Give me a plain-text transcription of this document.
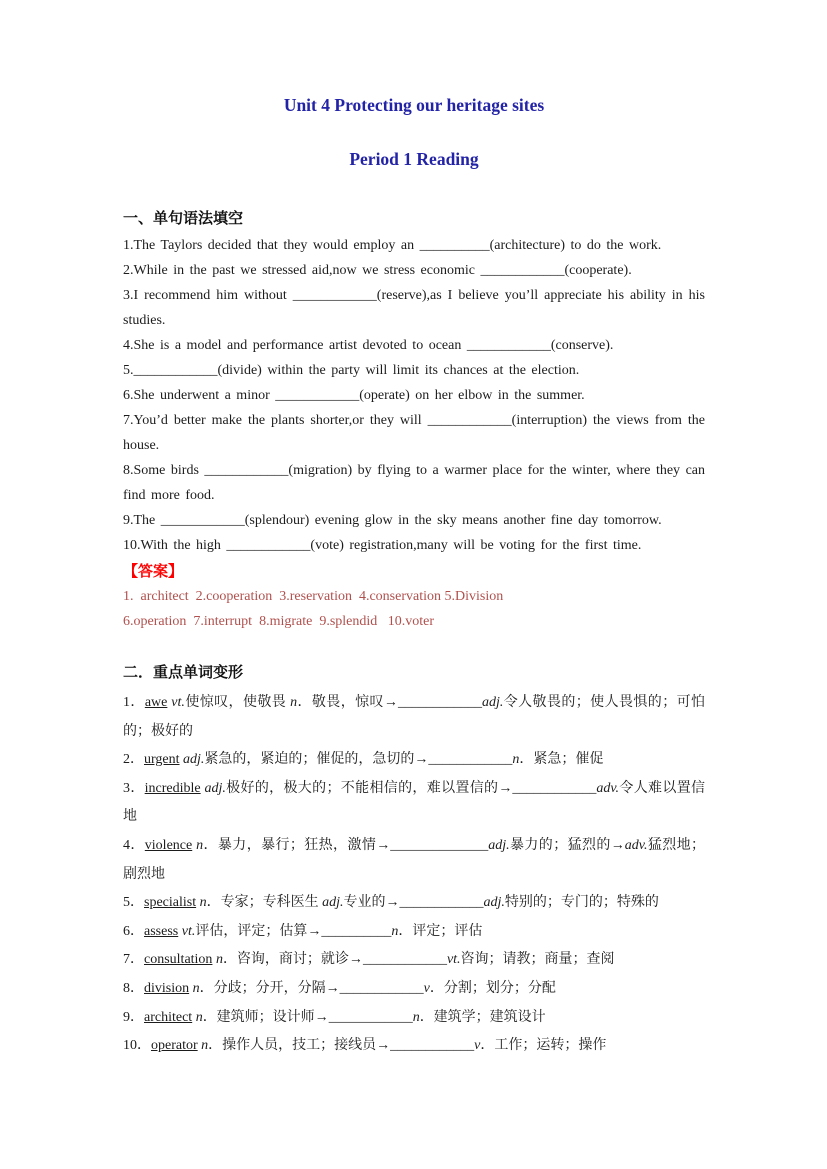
Unit 4 Protecting our heritage sites
Period 1 Reading
一、单句语法填空

1.The Taylors decided that they would employ an __________(architecture) to do the work.

2.While in the past we stressed aid,now we stress economic ____________(cooperate).

3.I recommend him without ____________(reserve),as I believe you’ll appreciate his ability in his studies.

4.She is a model and performance artist devoted to ocean ____________(conserve).

5.____________(divide) within the party will limit its chances at the election.

6.She underwent a minor ____________(operate) on her elbow in the summer.

7.You’d better make the plants shorter,or they will ____________(interruption) the views from the house.

8.Some birds ____________(migration) by flying to a warmer place for the winter, where they can find more food.

9.The ____________(splendour) evening glow in the sky means another fine day tomorrow.

10.With the high ____________(vote) registration,many will be voting for the first time.

【答案】

1.  architect  2.cooperation  3.reservation  4.conservation 5.Division

6.operation  7.interrupt  8.migrate  9.splendid   10.voter

二．重点单词变形

1．awe vt.使惊叹，使敬畏 n．敬畏，惊叹→____________adj.令人敬畏的；使人畏惧的；可怕的；极好的

2．urgent adj.紧急的，紧迫的；催促的，急切的→____________n．紧急；催促

3．incredible adj.极好的，极大的；不能相信的，难以置信的→____________adv.令人难以置信地

4．violence n．暴力，暴行；狂热，激情→______________adj.暴力的；猛烈的→adv.猛烈地；剧烈地

5．specialist n．专家；专科医生 adj.专业的→____________adj.特别的；专门的；特殊的

6．assess vt.评估，评定；估算→__________n．评定；评估

7．consultation n．咨询，商讨；就诊→____________vt.咨询；请教；商量；查阅

8．division n．分歧；分开，分隔→____________v．分割；划分；分配

9．architect n．建筑师；设计师→____________n．建筑学；建筑设计

10．operator n．操作人员，技工；接线员→____________v．工作；运转；操作
